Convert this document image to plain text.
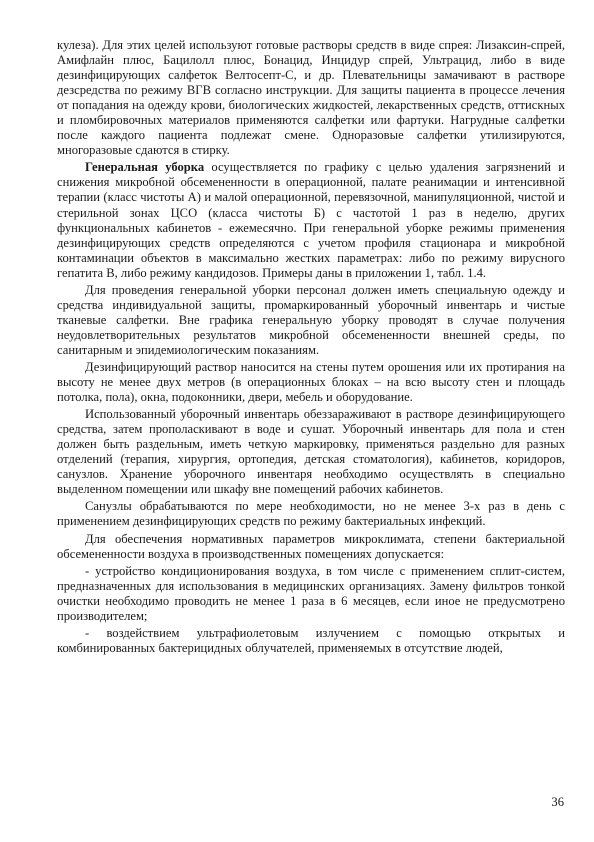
кулеза). Для этих целей используют готовые растворы средств в виде спрея: Лизаксин-спрей, Амифлайн плюс, Бацилолл плюс, Бонацид, Инцидур спрей, Ультрацид, либо в виде дезинфицирующих салфеток Велтосепт-С, и др. Плевательницы замачивают в растворе дезсредства по режиму ВГВ согласно инструкции. Для защиты пациента в процессе лечения от попадания на одежду крови, биологических жидкостей, лекарственных средств, оттискных и пломбировочных материалов применяются салфетки или фартуки. Нагрудные салфетки после каждого пациента подлежат смене. Одноразовые салфетки утилизируются, многоразовые сдаются в стирку.

Генеральная уборка осуществляется по графику с целью удаления загрязнений и снижения микробной обсемененности в операционной, палате реанимации и интенсивной терапии (класс чистоты А) и малой операционной, перевязочной, манипуляционной, чистой и стерильной зонах ЦСО (класса чистоты Б) с частотой 1 раз в неделю, других функциональных кабинетов - ежемесячно. При генеральной уборке режимы применения дезинфицирующих средств определяются с учетом профиля стационара и микробной контаминации объектов в максимально жестких параметрах: либо по режиму вирусного гепатита В, либо режиму кандидозов. Примеры даны в приложении 1, табл. 1.4.

Для проведения генеральной уборки персонал должен иметь специальную одежду и средства индивидуальной защиты, промаркированный уборочный инвентарь и чистые тканевые салфетки. Вне графика генеральную уборку проводят в случае получения неудовлетворительных результатов микробной обсемененности внешней среды, по санитарным и эпидемиологическим показаниям.

Дезинфицирующий раствор наносится на стены путем орошения или их протирания на высоту не менее двух метров (в операционных блоках – на всю высоту стен и площадь потолка, пола), окна, подоконники, двери, мебель и оборудование.

Использованный уборочный инвентарь обеззараживают в растворе дезинфицирующего средства, затем прополаскивают в воде и сушат. Уборочный инвентарь для пола и стен должен быть раздельным, иметь четкую маркировку, применяться раздельно для разных отделений (терапия, хирургия, ортопедия, детская стоматология), кабинетов, коридоров, санузлов. Хранение уборочного инвентаря необходимо осуществлять в специально выделенном помещении или шкафу вне помещений рабочих кабинетов.

Санузлы обрабатываются по мере необходимости, но не менее 3-х раз в день с применением дезинфицирующих средств по режиму бактериальных инфекций.

Для обеспечения нормативных параметров микроклимата, степени бактериальной обсемененности воздуха в производственных помещениях допускается:

- устройство кондиционирования воздуха, в том числе с применением сплит-систем, предназначенных для использования в медицинских организациях. Замену фильтров тонкой очистки необходимо проводить не менее 1 раза в 6 месяцев, если иное не предусмотрено производителем;

- воздействием ультрафиолетовым излучением с помощью открытых и комбинированных бактерицидных облучателей, применяемых в отсутствие людей,

36
